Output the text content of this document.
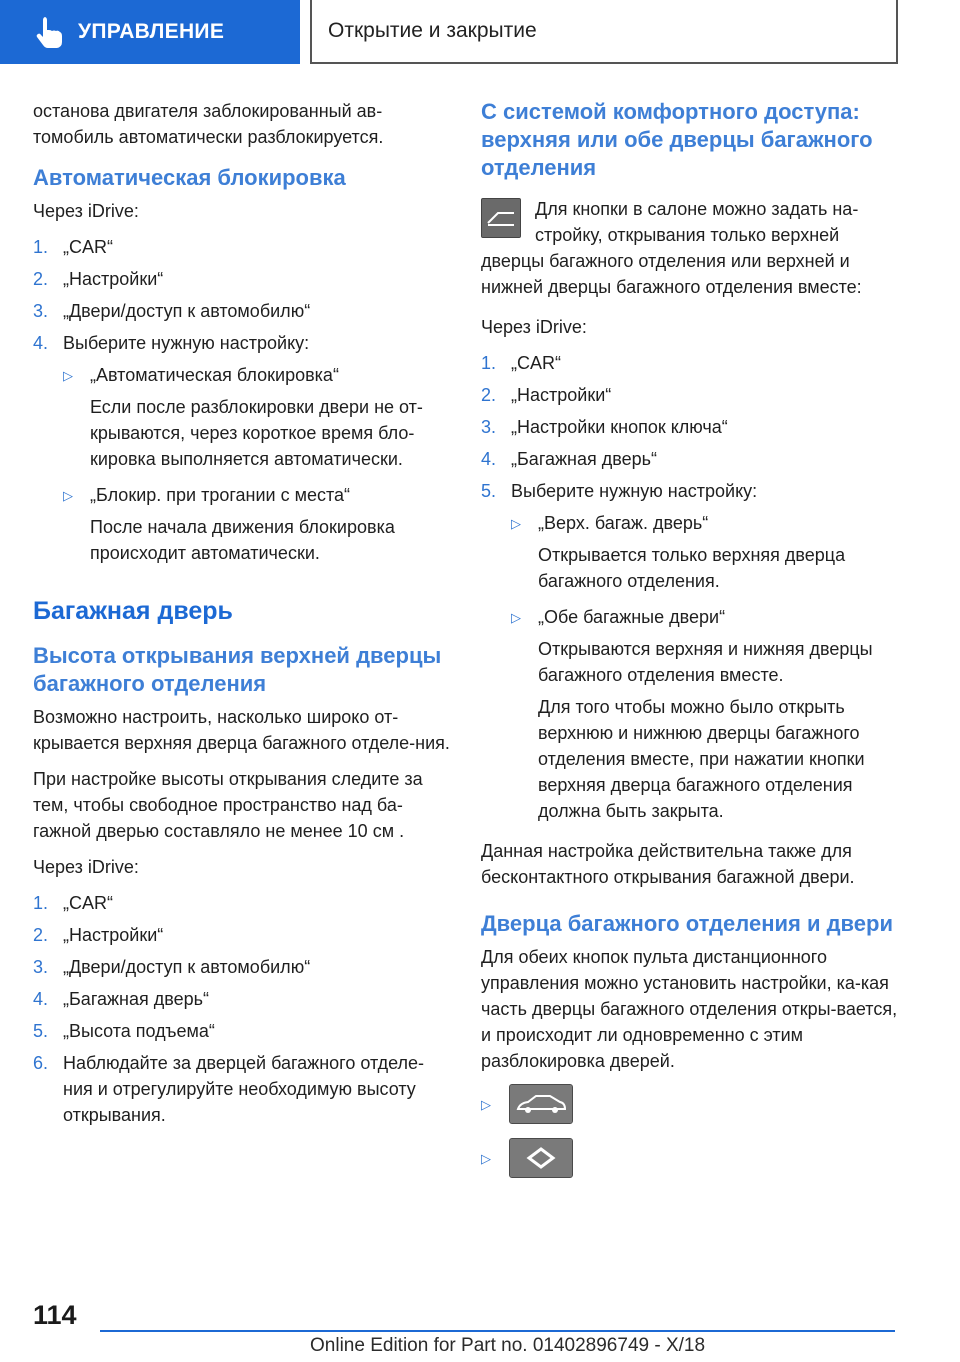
УПРАВЛЕНИЕ	Открытие и закрытие

останова двигателя заблокированный ав-томобиль автоматически разблокируется.

Автоматическая блокировка

Через iDrive:

1. „CAR“
2. „Настройки“
3. „Двери/доступ к автомобилю“
4. Выберите нужную настройку:
▷ „Автоматическая блокировка“
Если после разблокировки двери не от-крываются, через короткое время бло-кировка выполняется автоматически.
▷ „Блокир. при трогании с места“
После начала движения блокировка происходит автоматически.
Багажная дверь
Высота открывания верхней дверцы багажного отделения

Возможно настроить, насколько широко от-крывается верхняя дверца багажного отделе-ния.

При настройке высоты открывания следите за тем, чтобы свободное пространство над ба-гажной дверью составляло не менее 10 см .

Через iDrive:

1. „CAR“
2. „Настройки“
3. „Двери/доступ к автомобилю“
4. „Багажная дверь“
5. „Высота подъема“
6. Наблюдайте за дверцей багажного отделе-ния и отрегулируйте необходимую высоту открывания.
С системой комфортного доступа: верхняя или обе дверцы багажного отделения
Для кнопки в салоне можно задать на-стройку, открывания только верхней дверцы багажного отделения или верхней и нижней дверцы багажного отделения вместе:

Через iDrive:

1. „CAR“
2. „Настройки“
3. „Настройки кнопок ключа“
4. „Багажная дверь“
5. Выберите нужную настройку:
▷ „Верх. багаж. дверь“
Открывается только верхняя дверца багажного отделения.
▷ „Обе багажные двери“
Открываются верхняя и нижняя дверцы багажного отделения вместе.
Для того чтобы можно было открыть верхнюю и нижнюю дверцы багажного отделения вместе, при нажатии кнопки верхняя дверца багажного отделения должна быть закрыта.

Данная настройка действительна также для бесконтактного открывания багажной двери.

Дверца багажного отделения и двери

Для обеих кнопок пульта дистанционного управления можно установить настройки, ка-кая часть дверцы багажного отделения откры-вается, и происходит ли одновременно с этим разблокировка дверей.

▷
▷
114
Online Edition for Part no. 01402896749 - X/18
